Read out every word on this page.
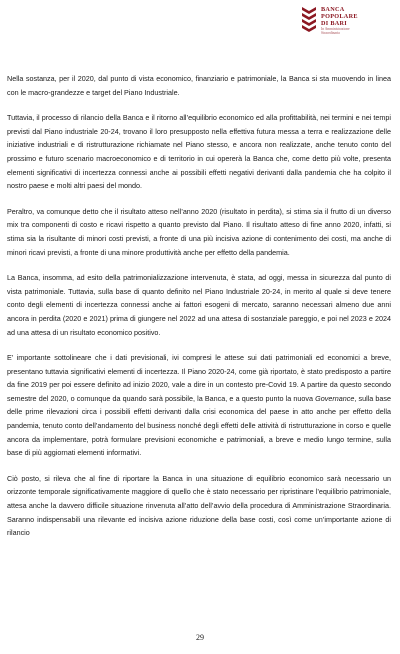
BANCA
POPOLARE
DI BARI
In Amministrazione
Straordinaria

Nella sostanza, per il 2020, dal punto di vista economico, finanziario e patrimoniale, la Banca si sta muovendo in linea con le macro-grandezze e target del Piano Industriale.

Tuttavia, il processo di rilancio della Banca e il ritorno all’equilibrio economico ed alla profittabilità, nei termini e nei tempi previsti dal Piano industriale 20-24, trovano il loro presupposto nella effettiva futura messa a terra e realizzazione delle iniziative industriali e di ristrutturazione richiamate nel Piano stesso, e ancora non realizzate, anche tenuto conto del prossimo e futuro scenario macroeconomico e di territorio in cui opererà la Banca che, come detto più volte, presenta elementi significativi di incertezza connessi anche ai possibili effetti negativi derivanti dalla pandemia che ha colpito il nostro paese e molti altri paesi del mondo.

Peraltro, va comunque detto che il risultato atteso nell’anno 2020 (risultato in perdita), si stima sia il frutto di un diverso mix tra componenti di costo e ricavi rispetto a quanto previsto dal Piano. Il risultato atteso di fine anno 2020, infatti, si stima sia la risultante di minori costi previsti, a fronte di una più incisiva azione di contenimento dei costi, ma anche di minori ricavi previsti, a fronte di una minore produttività anche per effetto della pandemia.

La Banca, insomma, ad esito della patrimonializzazione intervenuta, è stata, ad oggi, messa in sicurezza dal punto di vista patrimoniale. Tuttavia, sulla base di quanto definito nel Piano Industriale 20-24, in merito al quale si deve tenere conto degli elementi di incertezza connessi anche ai fattori esogeni di mercato, saranno necessari almeno due anni ancora in perdita (2020 e 2021) prima di giungere nel 2022 ad una attesa di sostanziale pareggio, e poi nel 2023 e 2024 ad una attesa di un risultato economico positivo.

E’ importante sottolineare che i dati previsionali, ivi compresi le attese sui dati patrimoniali ed economici a breve, presentano tuttavia significativi elementi di incertezza. Il Piano 2020-24, come già riportato, è stato predisposto a partire da fine 2019 per poi essere definito ad inizio 2020, vale a dire in un contesto pre-Covid 19. A partire da questo secondo semestre del 2020, o comunque da quando sarà possibile, la Banca, e a questo punto la nuova Governance, sulla base delle prime rilevazioni circa i possibili effetti derivanti dalla crisi economica del paese in atto anche per effetto della pandemia, tenuto conto dell’andamento del business nonché degli effetti delle attività di ristrutturazione in corso e quelle ancora da implementare, potrà formulare previsioni economiche e patrimoniali, a breve e medio lungo termine, sulla base di più aggiornati elementi informativi.

Ciò posto, si rileva che al fine di riportare la Banca in una situazione di equilibrio economico sarà necessario un orizzonte temporale significativamente maggiore di quello che è stato necessario per ripristinare l’equilibrio patrimoniale, attesa anche la davvero difficile situazione rinvenuta all’atto dell’avvio della procedura di Amministrazione Straordinaria. Saranno indispensabili una rilevante ed incisiva azione riduzione della base costi, così come un’importante azione di rilancio

29
